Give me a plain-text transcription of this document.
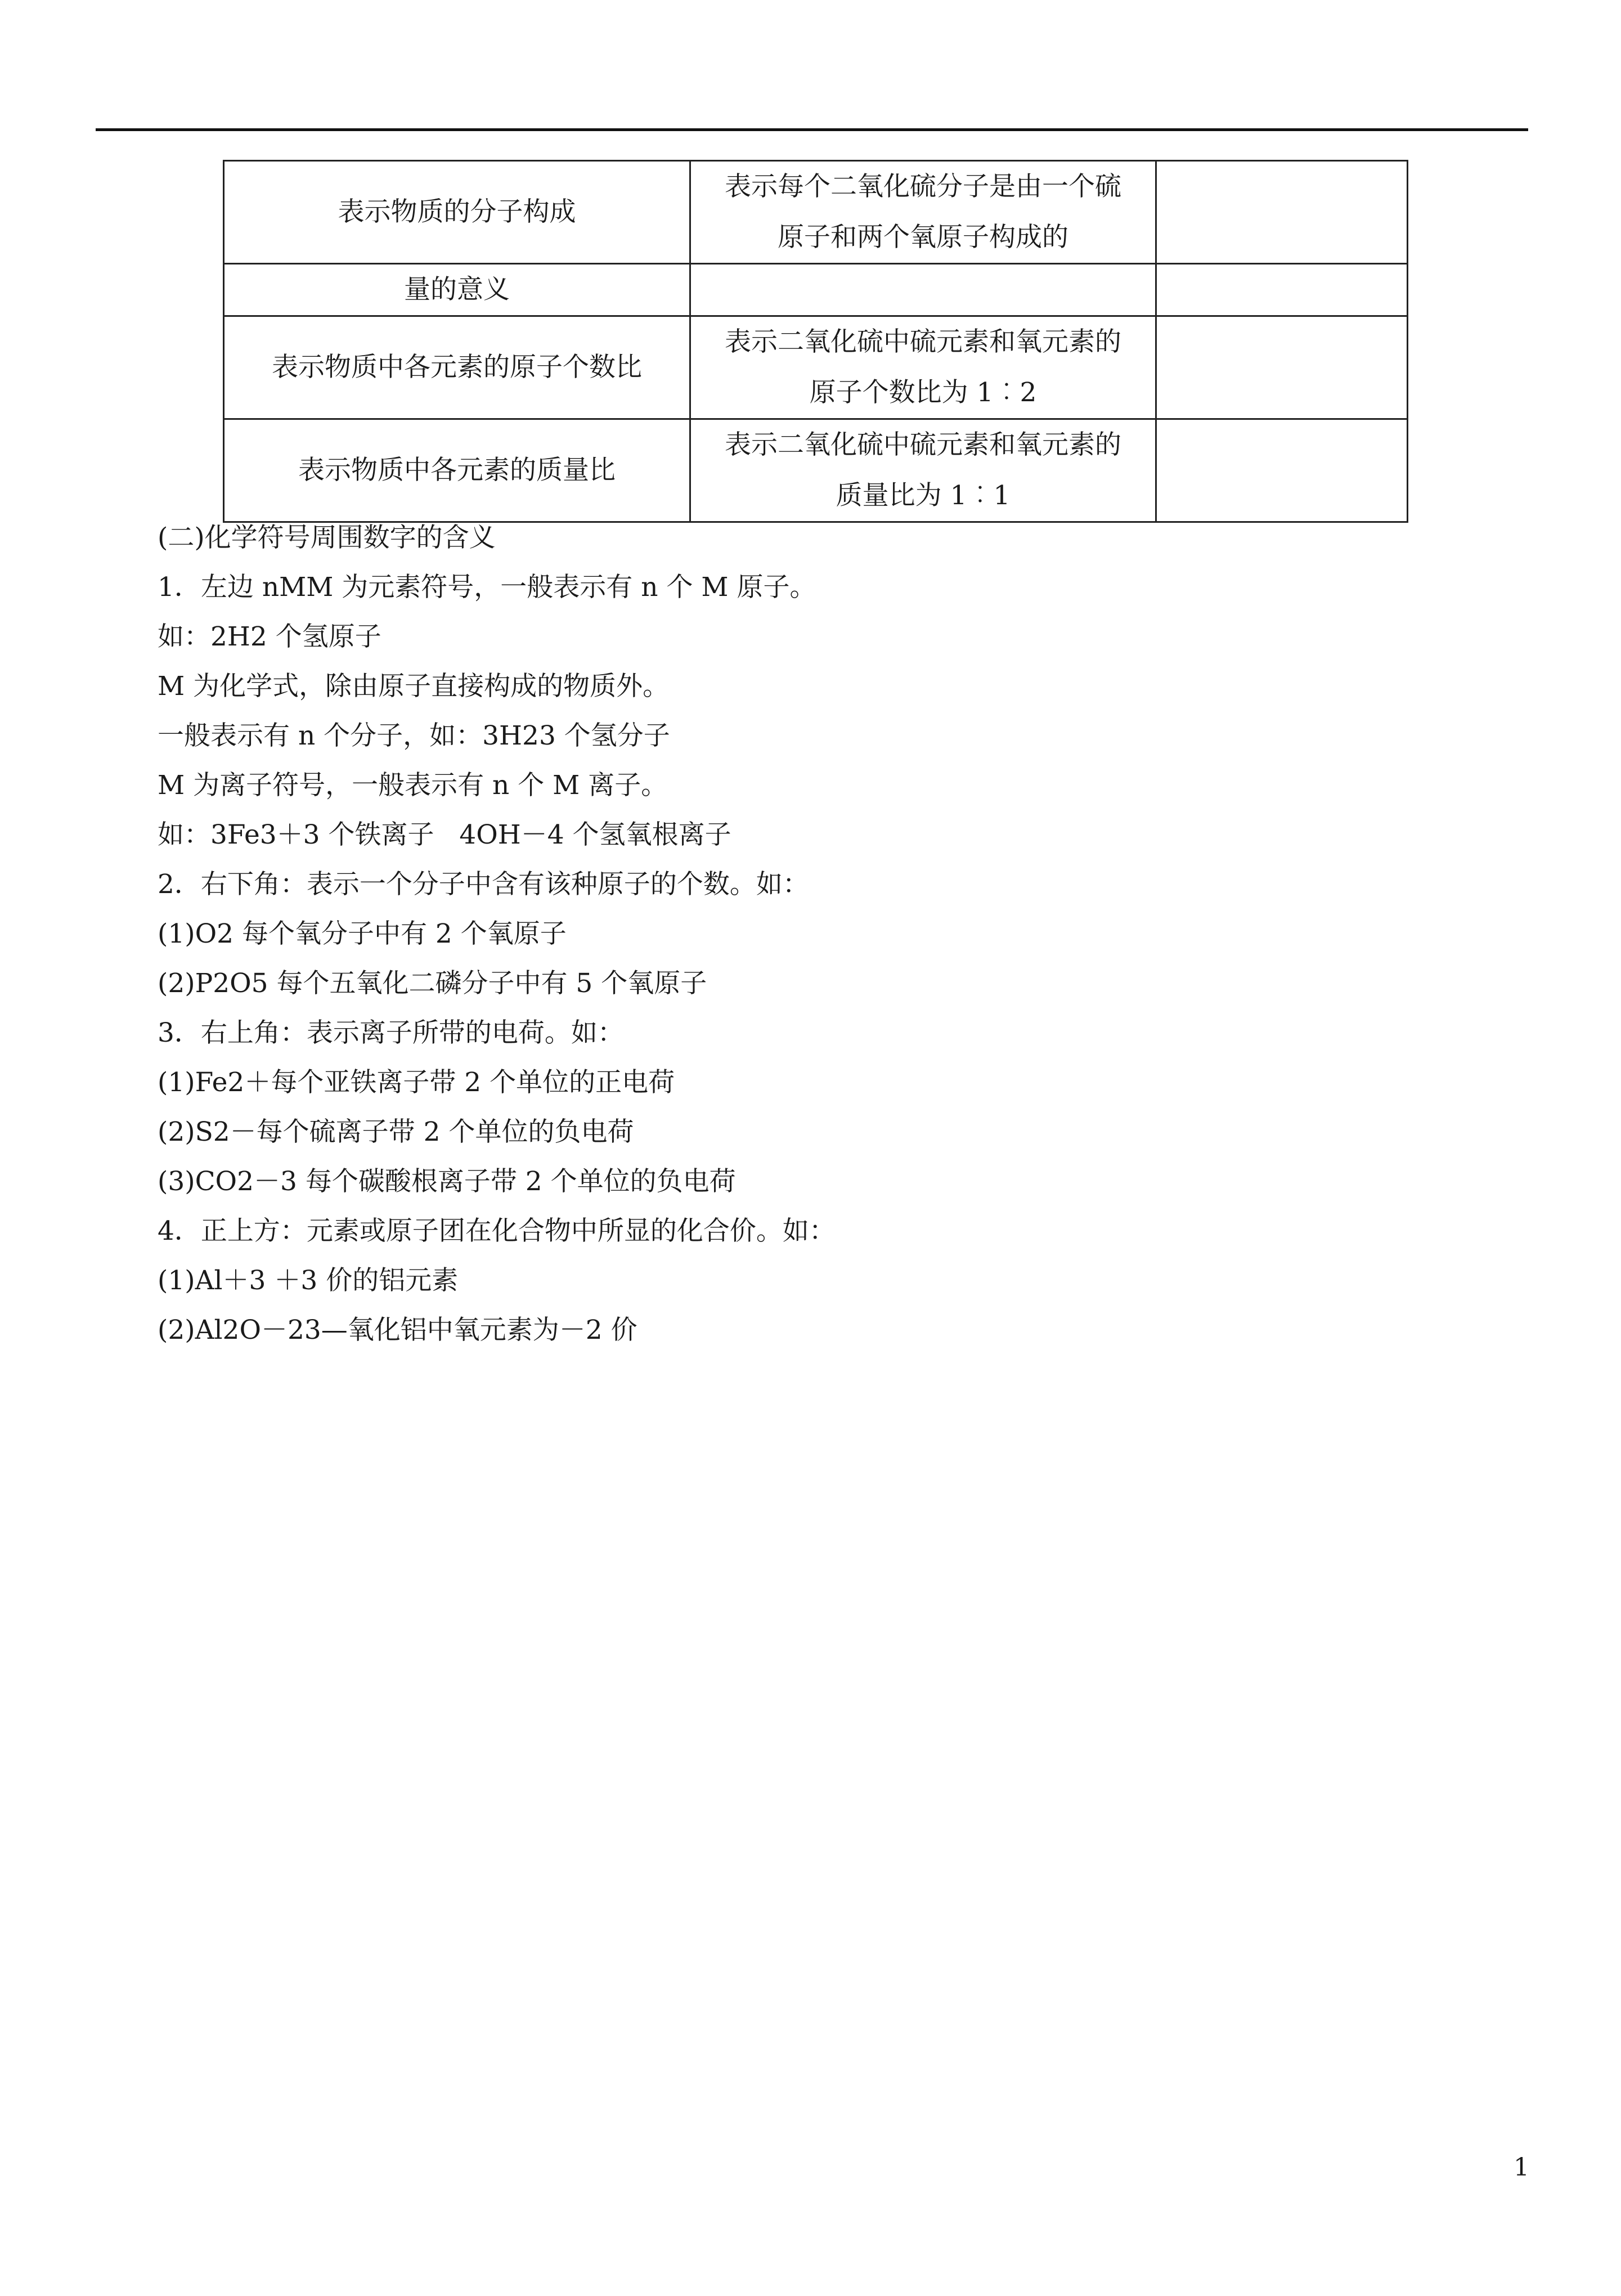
表示物质的分子构成	表示每个二氧化硫分子是由一个硫
原子和两个氧原子构成的	

量的意义		
表示物质中各元素的原子个数比	表示二氧化硫中硫元素和氧元素的
原子个数比为 1︰2	

表示物质中各元素的质量比	表示二氧化硫中硫元素和氧元素的
质量比为 1︰1	

(二)化学符号周围数字的含义
1．左边 nMM 为元素符号，一般表示有 n 个 M 原子。
如：2H2 个氢原子
M 为化学式，除由原子直接构成的物质外。
一般表示有 n 个分子，如：3H23 个氢分子
M 为离子符号，一般表示有 n 个 M 离子。
如：3Fe3＋3 个铁离子   4OH－4 个氢氧根离子
2．右下角：表示一个分子中含有该种原子的个数。如：
(1)O2 每个氧分子中有 2 个氧原子
(2)P2O5 每个五氧化二磷分子中有 5 个氧原子
3．右上角：表示离子所带的电荷。如：
(1)Fe2＋每个亚铁离子带 2 个单位的正电荷
(2)S2－每个硫离子带 2 个单位的负电荷
(3)CO2－3 每个碳酸根离子带 2 个单位的负电荷
4．正上方：元素或原子团在化合物中所显的化合价。如：
(1)Al＋3 ＋3 价的铝元素
(2)Al2O－23—氧化铝中氧元素为－2 价
1
